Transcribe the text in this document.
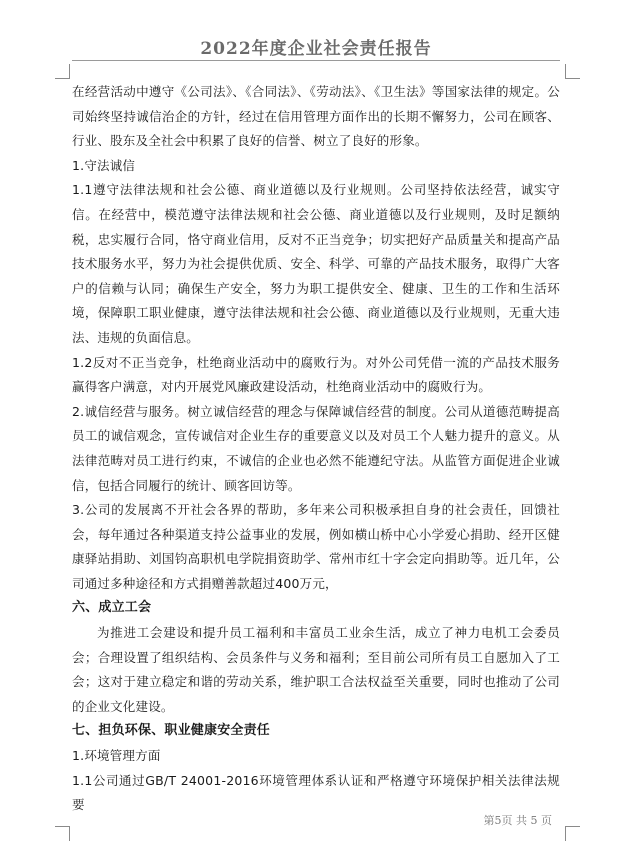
2022年度企业社会责任报告

在经营活动中遵守《公司法》、《合同法》、《劳动法》、《卫生法》等国家法律的规定。公司始终坚持诚信治企的方针，经过在信用管理方面作出的长期不懈努力，公司在顾客、行业、股东及全社会中积累了良好的信誉、树立了良好的形象。

1.守法诚信

1.1遵守法律法规和社会公德、商业道德以及行业规则。公司坚持依法经营，诚实守信。在经营中，模范遵守法律法规和社会公德、商业道德以及行业规则，及时足额纳税，忠实履行合同，恪守商业信用，反对不正当竞争；切实把好产品质量关和提高产品技术服务水平，努力为社会提供优质、安全、科学、可靠的产品技术服务，取得广大客户的信赖与认同；确保生产安全，努力为职工提供安全、健康、卫生的工作和生活环境，保障职工职业健康，遵守法律法规和社会公德、商业道德以及行业规则，无重大违法、违规的负面信息。

1.2反对不正当竞争，杜绝商业活动中的腐败行为。对外公司凭借一流的产品技术服务赢得客户满意，对内开展党风廉政建设活动，杜绝商业活动中的腐败行为。

2.诚信经营与服务。树立诚信经营的理念与保障诚信经营的制度。公司从道德范畴提高员工的诚信观念，宣传诚信对企业生存的重要意义以及对员工个人魅力提升的意义。从法律范畴对员工进行约束，不诚信的企业也必然不能遵纪守法。从监管方面促进企业诚信，包括合同履行的统计、顾客回访等。

3.公司的发展离不开社会各界的帮助，多年来公司积极承担自身的社会责任，回馈社会，每年通过各种渠道支持公益事业的发展，例如横山桥中心小学爱心捐助、经开区健康驿站捐助、刘国钧高职机电学院捐资助学、常州市红十字会定向捐助等。近几年，公司通过多种途径和方式捐赠善款超过400万元，

六、成立工会

为推进工会建设和提升员工福利和丰富员工业余生活，成立了神力电机工会委员会；合理设置了组织结构、会员条件与义务和福利；至目前公司所有员工自愿加入了工会；这对于建立稳定和谐的劳动关系，维护职工合法权益至关重要，同时也推动了公司的企业文化建设。

七、担负环保、职业健康安全责任

1.环境管理方面

1.1公司通过GB/T 24001-2016环境管理体系认证和严格遵守环境保护相关法律法规要

第5页 共 5 页
